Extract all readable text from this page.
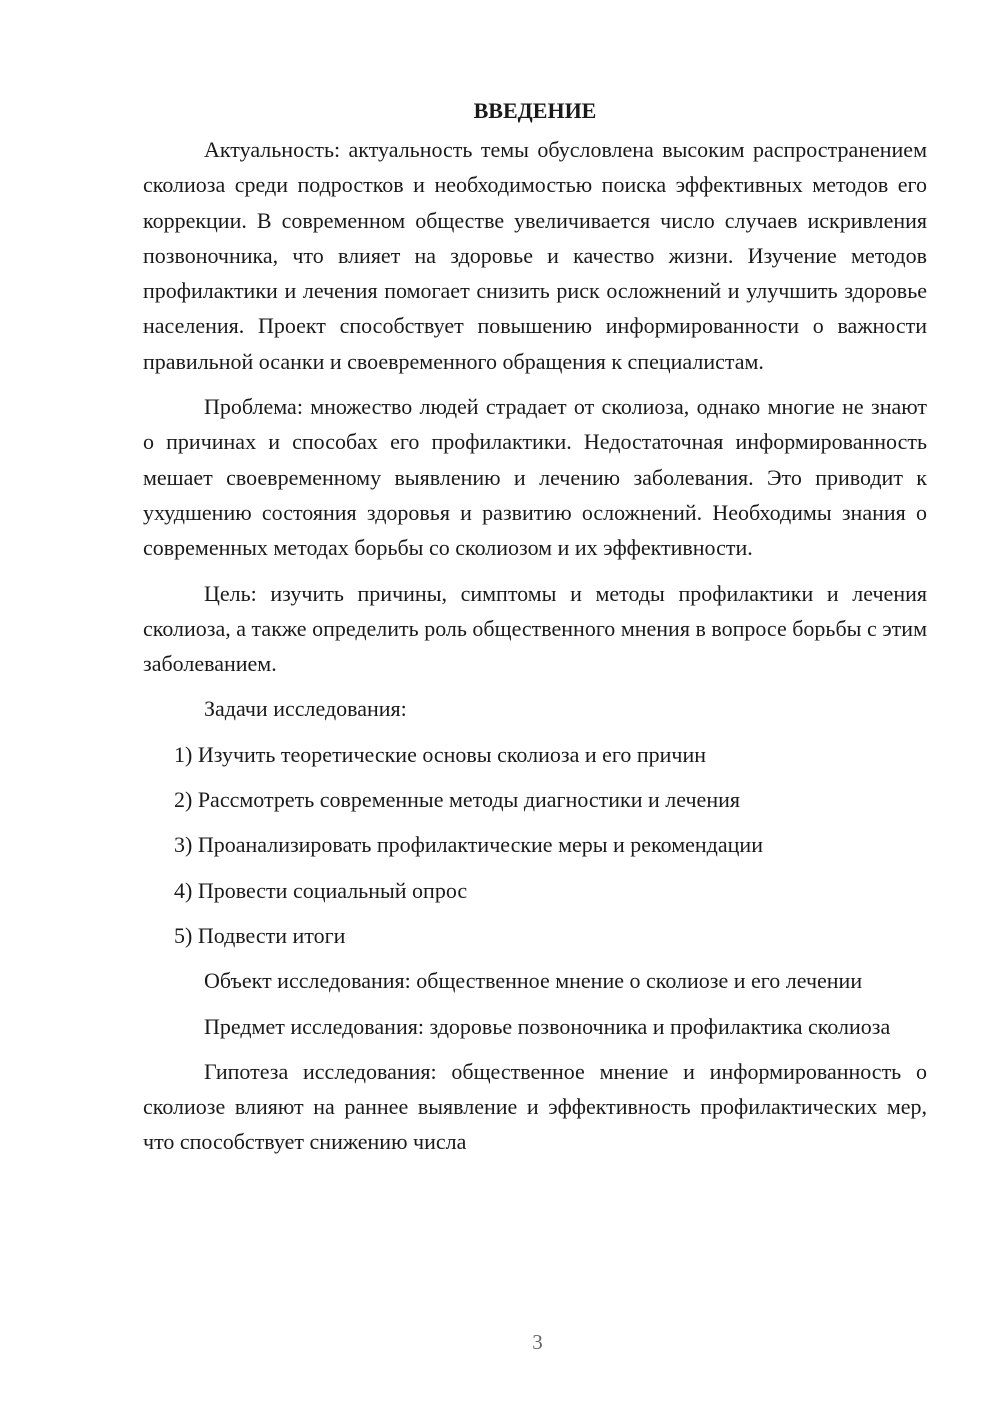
ВВЕДЕНИЕ

Актуальность: актуальность темы обусловлена высоким распространением сколиоза среди подростков и необходимостью поиска эффективных методов его коррекции. В современном обществе увеличивается число случаев искривления позвоночника, что влияет на здоровье и качество жизни. Изучение методов профилактики и лечения помогает снизить риск осложнений и улучшить здоровье населения. Проект способствует повышению информированности о важности правильной осанки и своевременного обращения к специалистам.

Проблема: множество людей страдает от сколиоза, однако многие не знают о причинах и способах его профилактики. Недостаточная информированность мешает своевременному выявлению и лечению заболевания. Это приводит к ухудшению состояния здоровья и развитию осложнений. Необходимы знания о современных методах борьбы со сколиозом и их эффективности.

Цель: изучить причины, симптомы и методы профилактики и лечения сколиоза, а также определить роль общественного мнения в вопросе борьбы с этим заболеванием.

Задачи исследования:

1) Изучить теоретические основы сколиоза и его причин
2) Рассмотреть современные методы диагностики и лечения
3) Проанализировать профилактические меры и рекомендации
4) Провести социальный опрос
5) Подвести итоги

Объект исследования: общественное мнение о сколиозе и его лечении

Предмет исследования: здоровье позвоночника и профилактика сколиоза

Гипотеза исследования: общественное мнение и информированность о сколиозе влияют на раннее выявление и эффективность профилактических мер, что способствует снижению числа

3
